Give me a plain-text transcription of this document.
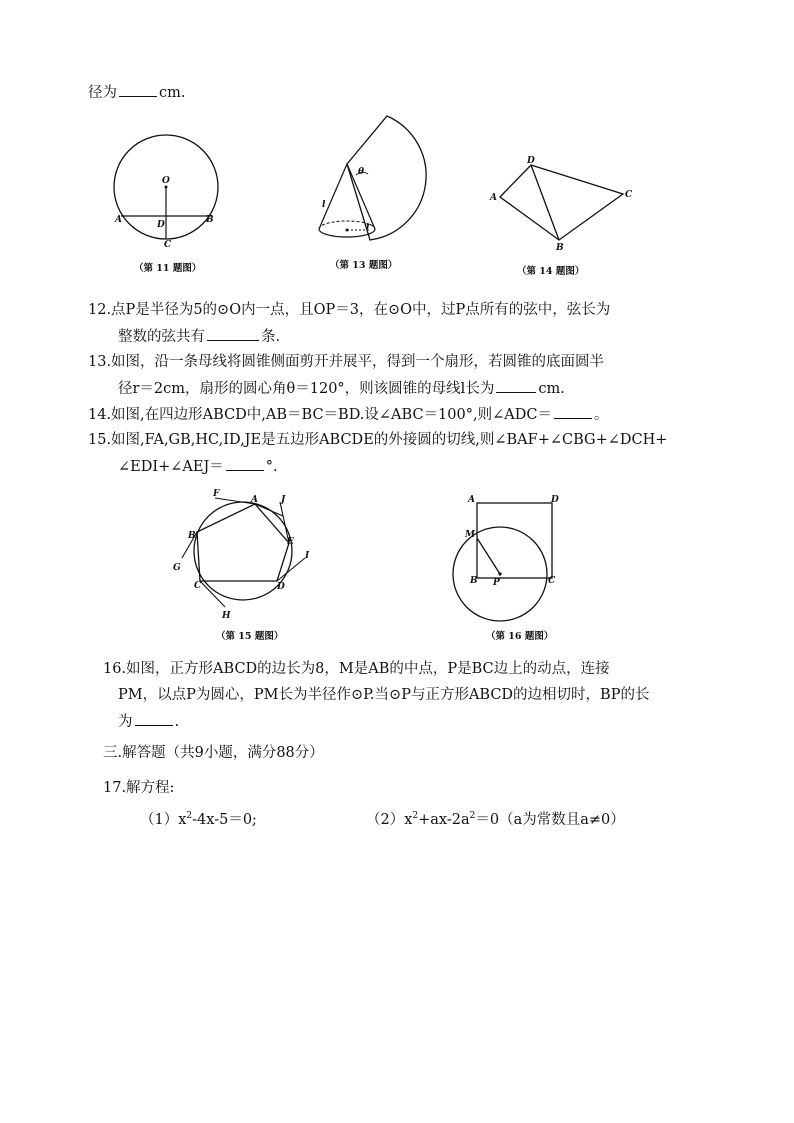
径为	cm.
O
A	B
D
C
（第 11 题图）
θ
l
r
（第 13 题图）
A
D
C
B
（第 14 题图）
12.点P是半径为5的⊙O内一点，且OP＝3，在⊙O中，过P点所有的弦中，弦长为
整数的弦共有	条.
13.如图，沿一条母线将圆锥侧面剪开并展平，得到一个扇形，若圆锥的底面圆半
径r＝2cm，扇形的圆心角θ＝120°，则该圆锥的母线l长为	cm.
14.如图,在四边形ABCD中,AB＝BC＝BD.设∠ABC＝100°,则∠ADC＝	。
15.如图,FA,GB,HC,ID,JE是五边形ABCDE的外接圆的切线,则∠BAF+∠CBG+∠DCH+
∠EDI+∠AEJ＝	°.
F
A	J
E
I
D
H
C
G
B
（第 15 题图）
A	D
M
B P	C
（第 16 题图）
16.如图，正方形ABCD的边长为8，M是AB的中点，P是BC边上的动点，连接
PM，以点P为圆心，PM长为半径作⊙P.当⊙P与正方形ABCD的边相切时，BP的长
为	.
三.解答题（共9小题，满分88分）
17.解方程:
$(1)x^2-4x-5=0$;	$(2)x^2+ax-2a^2=0(a$为常数且a≠0）
